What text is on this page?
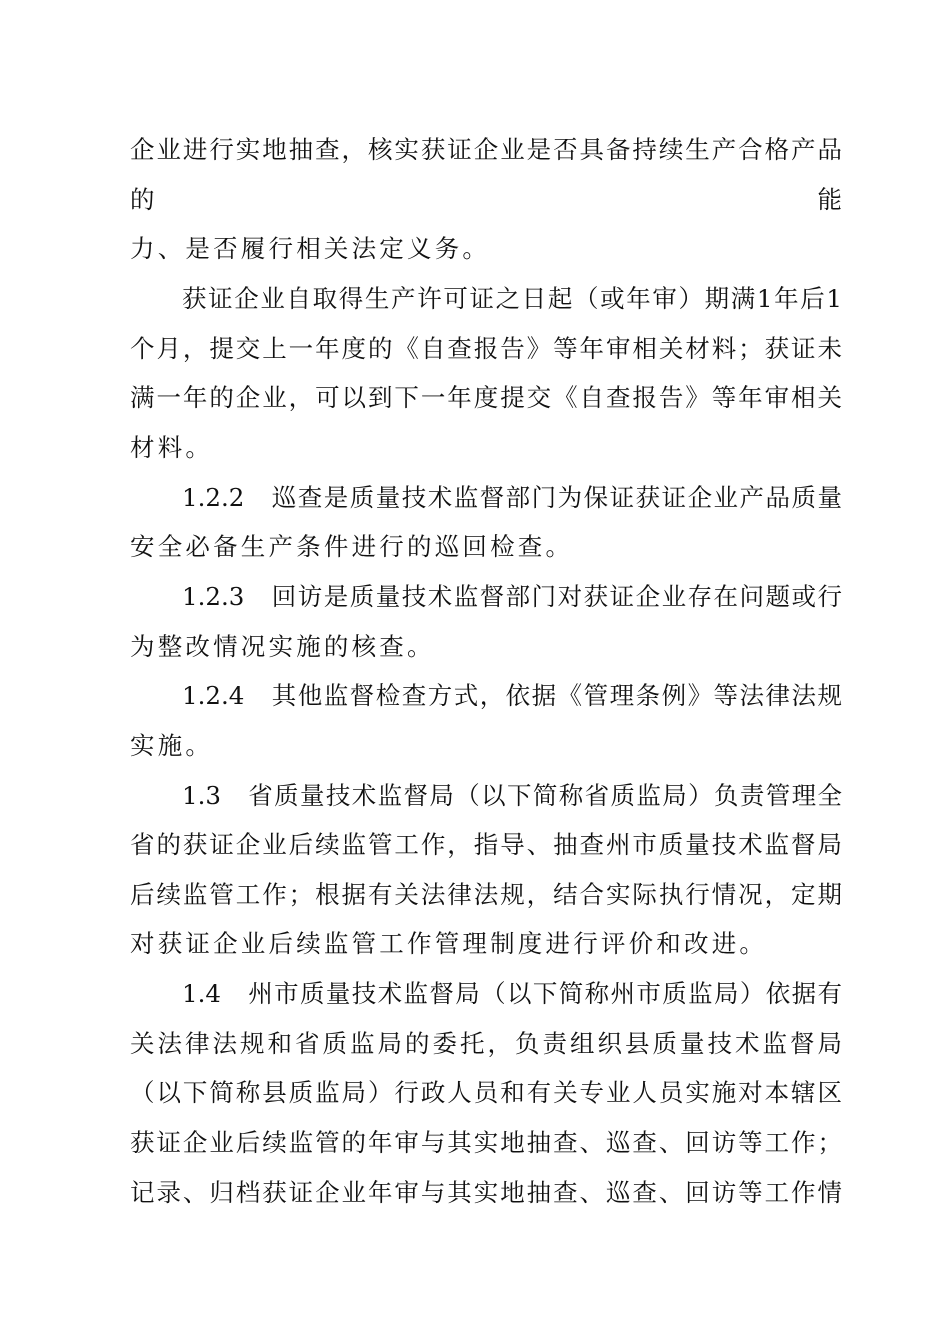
企业进行实地抽查，核实获证企业是否具备持续生产合格产品
的	能
力、是否履行相关法定义务。
获证企业自取得生产许可证之日起（或年审）期满1年后1
个月，提交上一年度的《自查报告》等年审相关材料；获证未
满一年的企业，可以到下一年度提交《自查报告》等年审相关
材料。
1.2.2　巡查是质量技术监督部门为保证获证企业产品质量
安全必备生产条件进行的巡回检查。
1.2.3　回访是质量技术监督部门对获证企业存在问题或行
为整改情况实施的核查。
1.2.4　其他监督检查方式，依据《管理条例》等法律法规
实施。
1.3　省质量技术监督局（以下简称省质监局）负责管理全
省的获证企业后续监管工作，指导、抽查州市质量技术监督局
后续监管工作；根据有关法律法规，结合实际执行情况，定期
对获证企业后续监管工作管理制度进行评价和改进。
1.4　州市质量技术监督局（以下简称州市质监局）依据有
关法律法规和省质监局的委托，负责组织县质量技术监督局
（以下简称县质监局）行政人员和有关专业人员实施对本辖区
获证企业后续监管的年审与其实地抽查、巡查、回访等工作；
记录、归档获证企业年审与其实地抽查、巡查、回访等工作情
